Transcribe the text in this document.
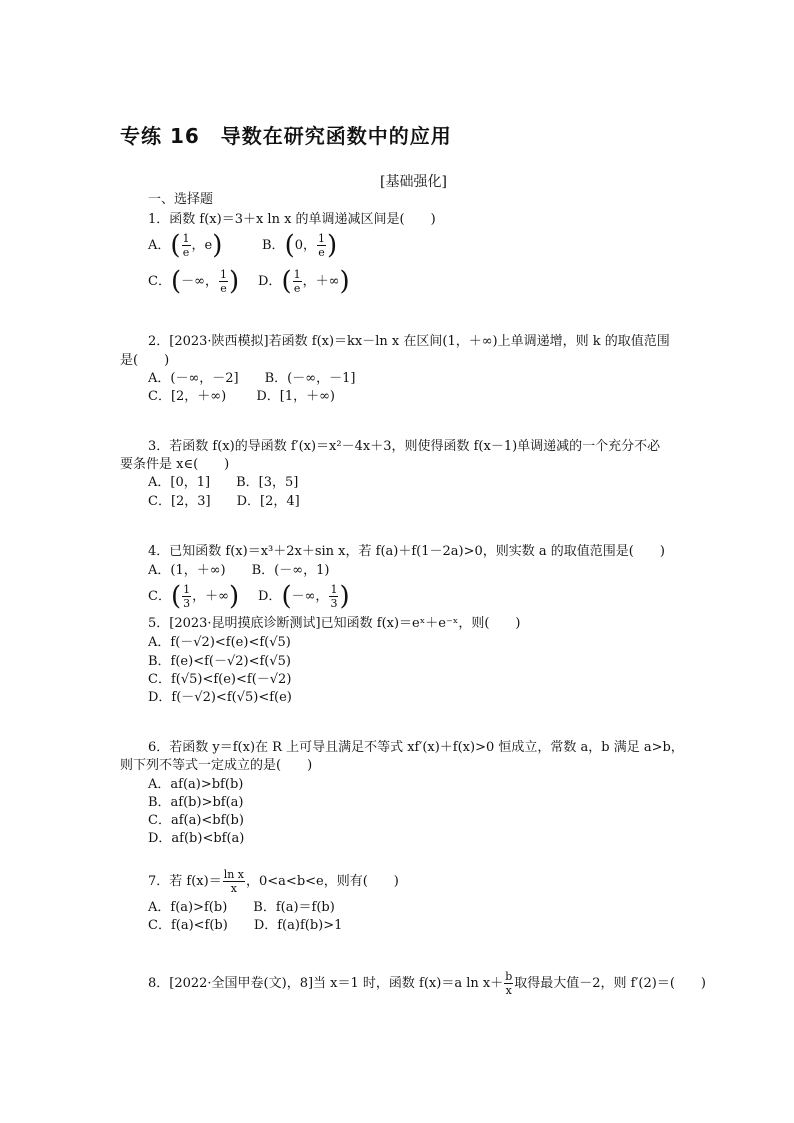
专练 16　导数在研究函数中的应用
[基础强化]
一、选择题
1．函数 f(x)＝3＋x ln x 的单调递减区间是(　　)
A．( $\frac{1}{e}$ ，e)	B．(0， $\frac{1}{e}$ )
C．(－∞， $\frac{1}{e}$ ) D．( $\frac{1}{e}$ ，＋∞)
2．[2023·陕西模拟]若函数 f(x)＝kx－ln x 在区间(1，＋∞)上单调递增，则 k 的取值范围
是(　　)
A．(－∞，－2]　　B．(－∞，－1]
C．[2，＋∞)　　 D．[1，＋∞)
3．若函数 f(x)的导函数 f′(x)＝x²－4x＋3，则使得函数 f(x－1)单调递减的一个充分不必
要条件是 x∈(　　)
A．[0，1]　　B．[3，5]
C．[2，3]　　D．[2，4]
4．已知函数 f(x)＝x³＋2x＋sin x，若 f(a)＋f(1－2a)>0，则实数 a 的取值范围是(　　)
A．(1，＋∞)　　B．(－∞，1)
C．( $\frac{1}{3}$ ，＋∞) D．(－∞， $\frac{1}{3}$ )
5．[2023·昆明摸底诊断测试]已知函数 f(x)＝eˣ＋e⁻ˣ，则(　　)
A．f(－√2)<f(e)<f(√5)
B．f(e)<f(－√2)<f(√5)
C．f(√5)<f(e)<f(－√2)
D．f(－√2)<f(√5)<f(e)
6．若函数 y＝f(x)在 R 上可导且满足不等式 xf′(x)＋f(x)>0 恒成立，常数 a，b 满足 a>b，
则下列不等式一定成立的是(　　)
A．af(a)>bf(b)
B．af(b)>bf(a)
C．af(a)<bf(b)
D．af(b)<bf(a)
7．若 $f(x)= \frac{\text{ln x}}{x}$ ，0<a<b<e，则有(　　)
A．f(a)>f(b)　　B．f(a)＝f(b)
C．f(a)<f(b)　　D．f(a)f(b)>1
8．[2022·全国甲卷(文)，8]当 x＝1 时，函数 f(x)＝a $\ln x+ \frac{b}{x}$ 取得最大值－2，则 f′(2)＝(　　)
